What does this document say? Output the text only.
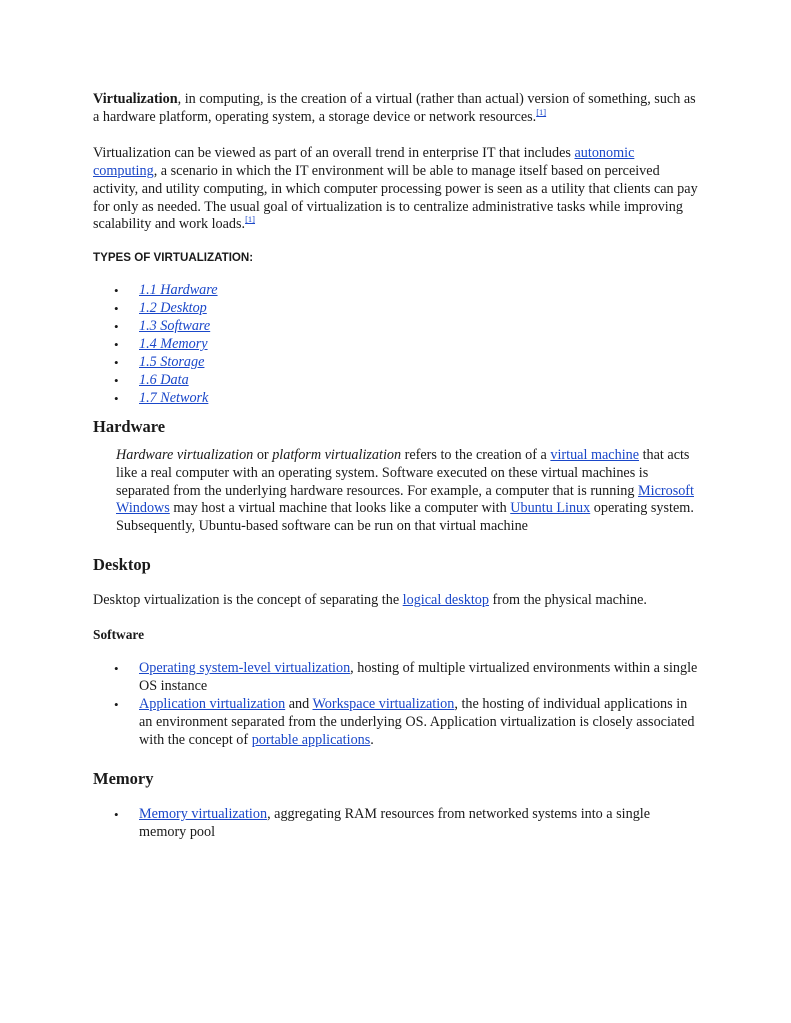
Virtualization, in computing, is the creation of a virtual (rather than actual) version of something, such as a hardware platform, operating system, a storage device or network resources.[1]

Virtualization can be viewed as part of an overall trend in enterprise IT that includes autonomic computing, a scenario in which the IT environment will be able to manage itself based on perceived activity, and utility computing, in which computer processing power is seen as a utility that clients can pay for only as needed. The usual goal of virtualization is to centralize administrative tasks while improving scalability and work loads.[1]

TYPES OF VIRTUALIZATION:
• 1.1 Hardware
• 1.2 Desktop
• 1.3 Software
• 1.4 Memory
• 1.5 Storage
• 1.6 Data
• 1.7 Network
Hardware

Hardware virtualization or platform virtualization refers to the creation of a virtual machine that acts like a real computer with an operating system. Software executed on these virtual machines is separated from the underlying hardware resources. For example, a computer that is running Microsoft Windows may host a virtual machine that looks like a computer with Ubuntu Linux operating system. Subsequently, Ubuntu-based software can be run on that virtual machine

Desktop

Desktop virtualization is the concept of separating the logical desktop from the physical machine.

Software
• Operating system-level virtualization, hosting of multiple virtualized environments within a single OS instance
• Application virtualization and Workspace virtualization, the hosting of individual applications in an environment separated from the underlying OS. Application virtualization is closely associated with the concept of portable applications.
Memory
• Memory virtualization, aggregating RAM resources from networked systems into a single memory pool
